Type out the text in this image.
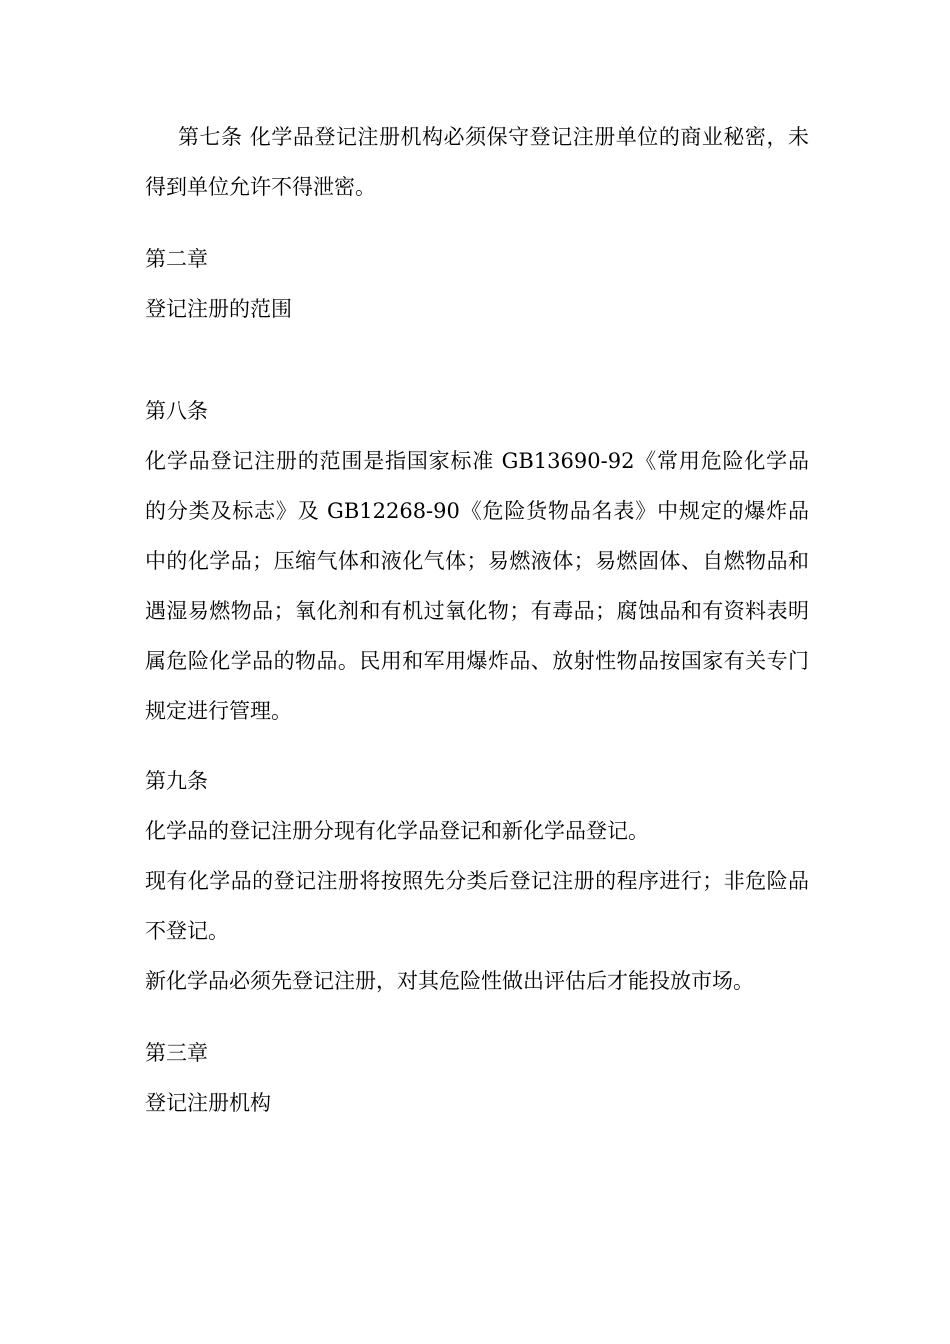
第七条 化学品登记注册机构必须保守登记注册单位的商业秘密，未得到单位允许不得泄密。

第二章

登记注册的范围

第八条

化学品登记注册的范围是指国家标准 GB13690-92《常用危险化学品的分类及标志》及 GB12268-90《危险货物品名表》中规定的爆炸品中的化学品；压缩气体和液化气体；易燃液体；易燃固体、自燃物品和遇湿易燃物品；氧化剂和有机过氧化物；有毒品；腐蚀品和有资料表明属危险化学品的物品。民用和军用爆炸品、放射性物品按国家有关专门规定进行管理。

第九条

化学品的登记注册分现有化学品登记和新化学品登记。

现有化学品的登记注册将按照先分类后登记注册的程序进行；非危险品不登记。

新化学品必须先登记注册，对其危险性做出评估后才能投放市场。

第三章

登记注册机构
